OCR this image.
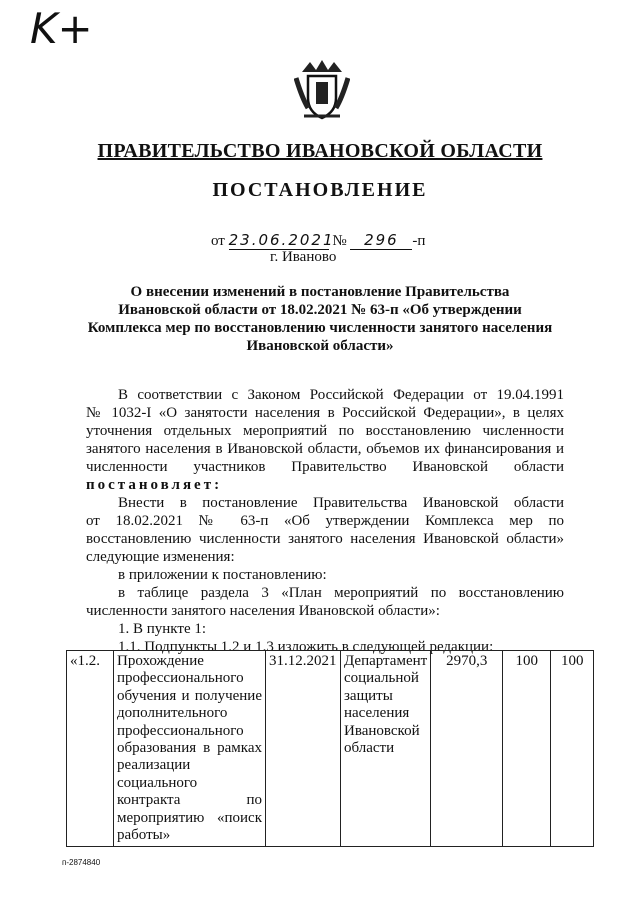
K+
ПРАВИТЕЛЬСТВО ИВАНОВСКОЙ ОБЛАСТИ
ПОСТАНОВЛЕНИЕ
от 23.06.2021 № 296 -п
г. Иваново
О внесении изменений в постановление Правительства
Ивановской области от 18.02.2021 № 63-п «Об утверждении
Комплекса мер по восстановлению численности занятого населения
Ивановской области»
В соответствии с Законом Российской Федерации от 19.04.1991
№ 1032-I «О занятости населения в Российской Федерации», в целях
уточнения отдельных мероприятий по восстановлению численности
занятого населения в Ивановской области, объемов их финансирования и
численности участников Правительство Ивановской области
постановляет:
Внести в постановление Правительства Ивановской области
от 18.02.2021 № 63-п «Об утверждении Комплекса мер по
восстановлению численности занятого населения Ивановской области»
следующие изменения:
в приложении к постановлению:
в таблице раздела 3 «План мероприятий по восстановлению
численности занятого населения Ивановской области»:
1. В пункте 1:
1.1. Подпункты 1.2 и 1.3 изложить в следующей редакции:
«1.2.	Прохождение профессионального обучения и получение дополнительного профессионального образования в рамках реализации социального контракта по мероприятию «поиск работы»	31.12.2021	Департамент социальной защиты населения Ивановской области	2970,3	100	100
п-2874840
